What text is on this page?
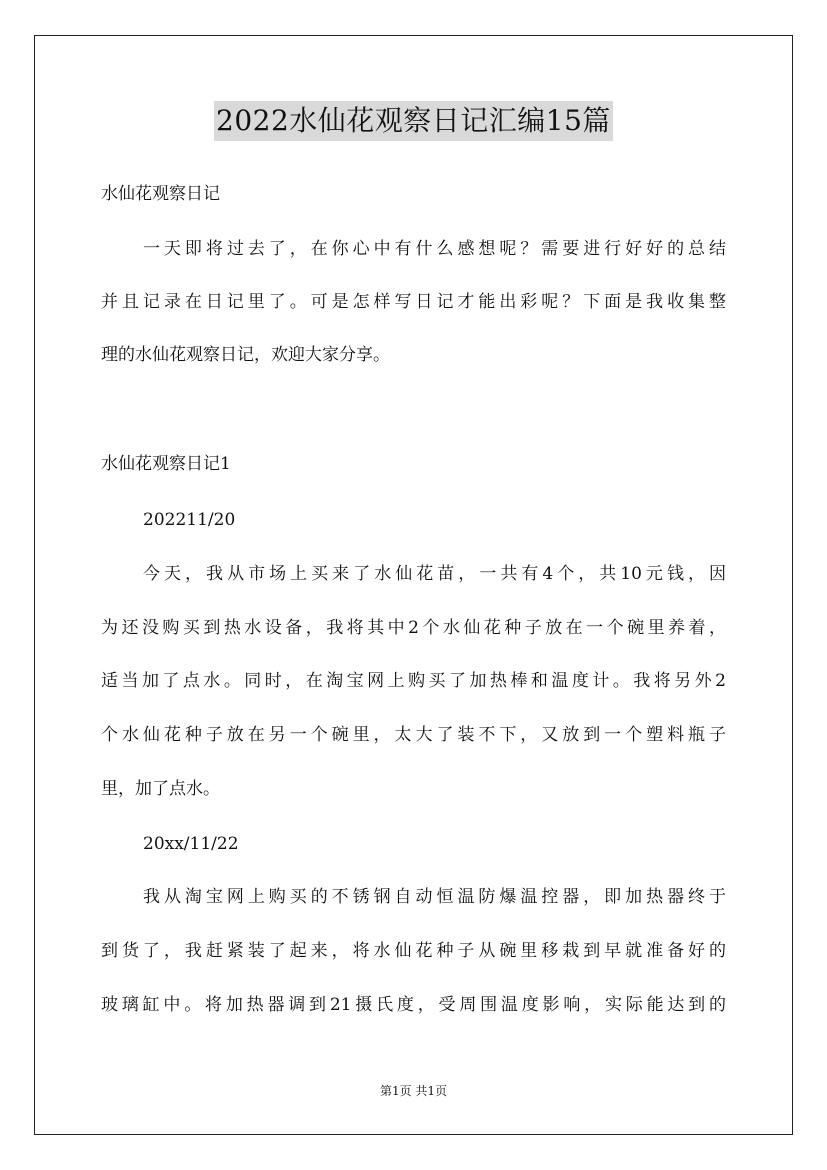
2022水仙花观察日记汇编15篇
水仙花观察日记
一天即将过去了，在你心中有什么感想呢？需要进行好好的总结
并且记录在日记里了。可是怎样写日记才能出彩呢？下面是我收集整
理的水仙花观察日记，欢迎大家分享。
水仙花观察日记1
202211/20
今天，我从市场上买来了水仙花苗，一共有4个，共10元钱，因
为还没购买到热水设备，我将其中2个水仙花种子放在一个碗里养着，
适当加了点水。同时，在淘宝网上购买了加热棒和温度计。我将另外2
个水仙花种子放在另一个碗里，太大了装不下，又放到一个塑料瓶子
里，加了点水。
20xx/11/22
我从淘宝网上购买的不锈钢自动恒温防爆温控器，即加热器终于
到货了，我赶紧装了起来，将水仙花种子从碗里移栽到早就准备好的
玻璃缸中。将加热器调到21摄氏度，受周围温度影响，实际能达到的
第1页 共1页
